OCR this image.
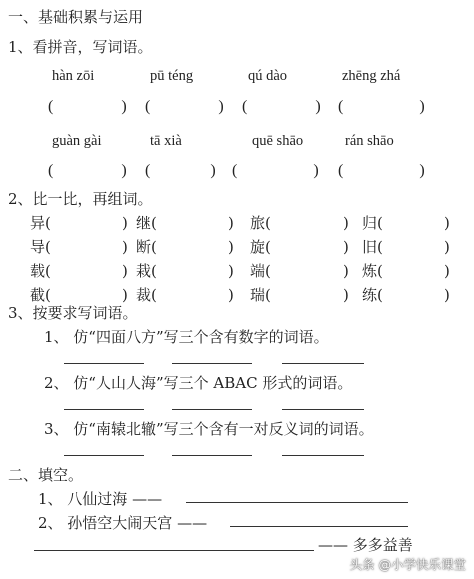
一、基础积累与运用
1、看拼音，写词语。
hàn zōi	pū téng	qú dào	zhēng zhá
(                 ) (                 ) (                 ) (                   )
guàn gài	tā xià	quē shāo	rán shāo
(                 ) (               ) (                   ) (                   )
2、比一比，再组词。
异(	) 继(	) 旅(	) 归(	)
导(	) 断(	) 旋(	) 旧(	)
载(	) 栽(	) 端(	) 炼(	)
截(	) 裁(	) 瑞(	) 练(	)
3、按要求写词语。
1、 仿“四面八方”写三个含有数字的词语。
2、 仿“人山人海”写三个 ABAC 形式的词语。
3、 仿“南辕北辙”写三个含有一对反义词的词语。
二、填空。
1、 八仙过海 ——
2、 孙悟空大闹天宫 ——
—— 多多益善
头条 @小学快乐课堂
